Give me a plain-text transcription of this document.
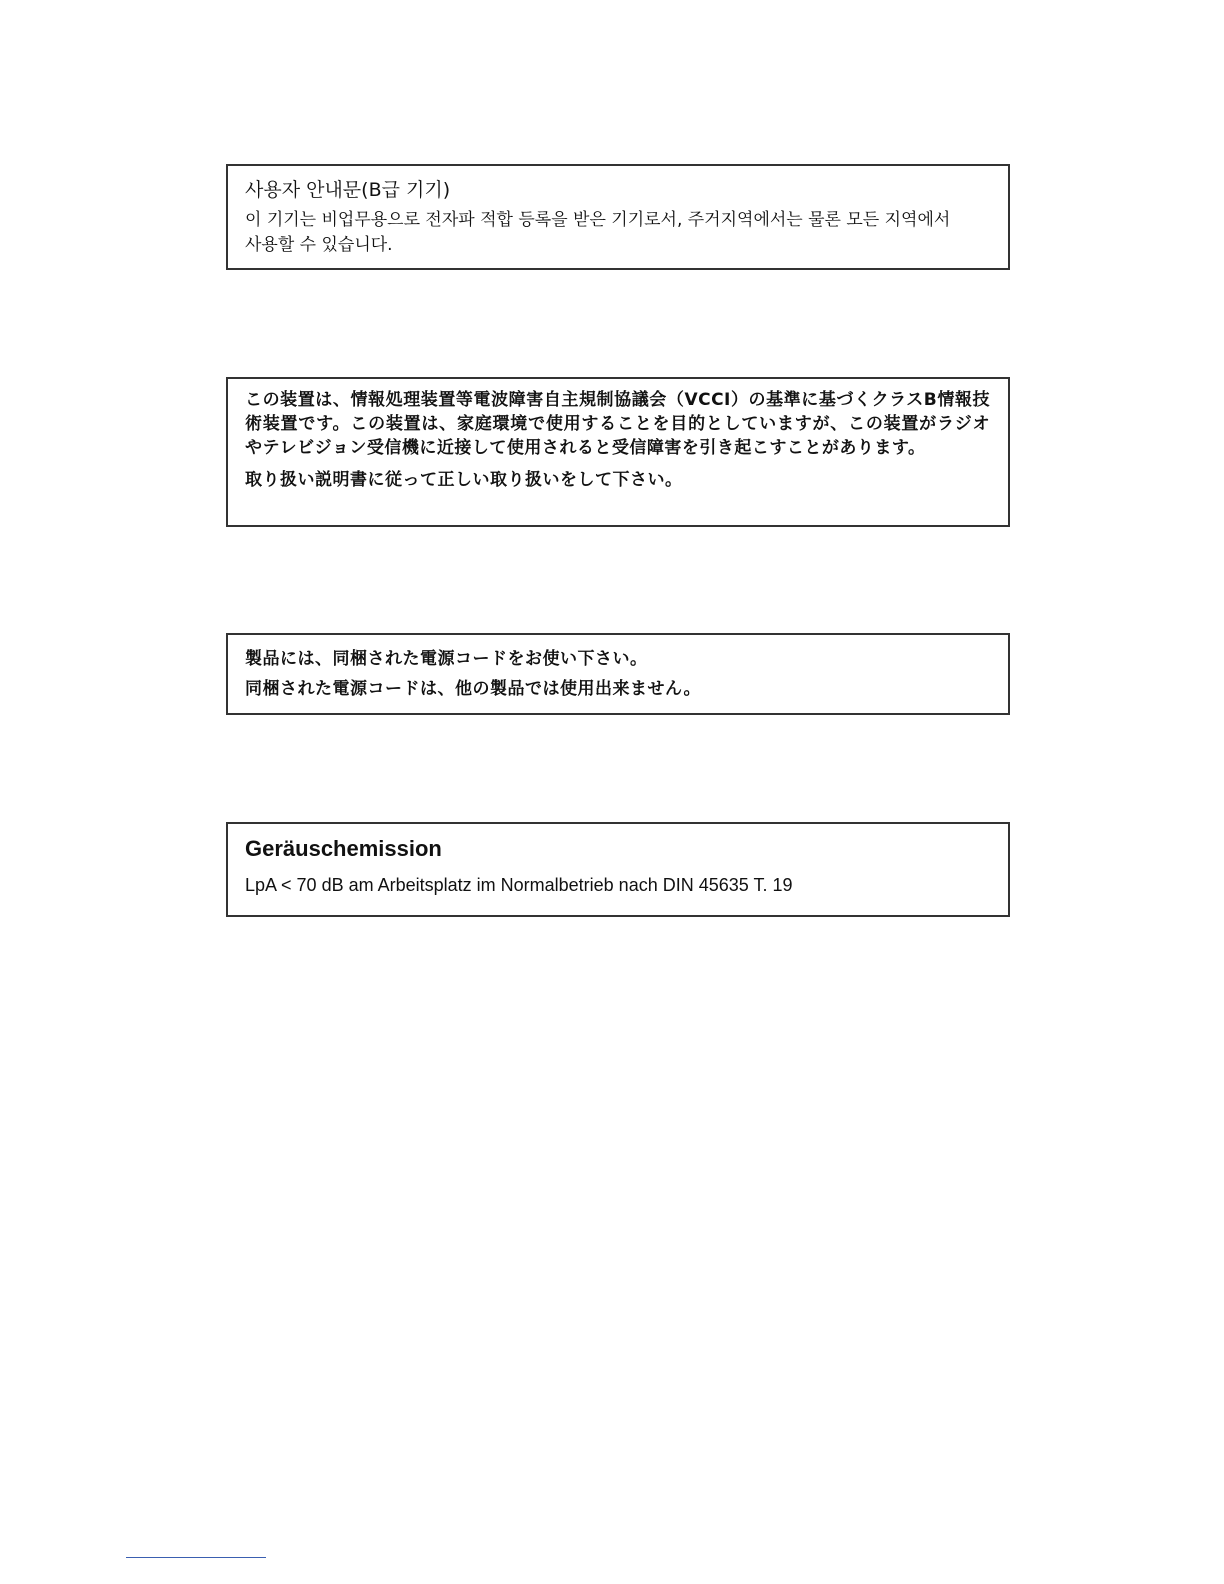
사용자 안내문(B급 기기)

이 기기는 비업무용으로 전자파 적합 등록을 받은 기기로서, 주거지역에서는 물론 모든 지역에서 사용할 수 있습니다.

この装置は、情報処理装置等電波障害自主規制協議会（VCCI）の基準に基づくクラスB情報技術装置です。この装置は、家庭環境で使用することを目的としていますが、この装置がラジオやテレビジョン受信機に近接して使用されると受信障害を引き起こすことがあります。

取り扱い説明書に従って正しい取り扱いをして下さい。

製品には、同梱された電源コードをお使い下さい。

同梱された電源コードは、他の製品では使用出来ません。

Geräuschemission

LpA < 70 dB am Arbeitsplatz im Normalbetrieb nach DIN 45635 T. 19
